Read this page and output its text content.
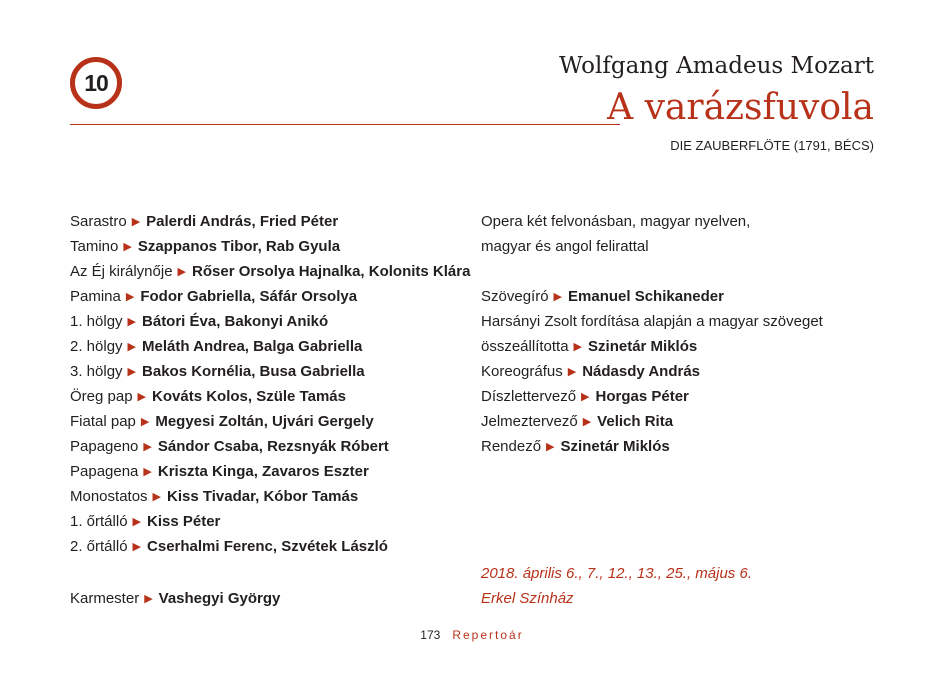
10
Wolfgang Amadeus Mozart
A varázsfuvola
DIE ZAUBERFLÖTE (1791, BÉCS)
Sarastro ▶ Palerdi András, Fried Péter
Tamino ▶ Szappanos Tibor, Rab Gyula
Az Éj királynője ▶ Rőser Orsolya Hajnalka, Kolonits Klára
Pamina ▶ Fodor Gabriella, Sáfár Orsolya
1. hölgy ▶ Bátori Éva, Bakonyi Anikó
2. hölgy ▶ Meláth Andrea, Balga Gabriella
3. hölgy ▶ Bakos Kornélia, Busa Gabriella
Öreg pap ▶ Kováts Kolos, Szüle Tamás
Fiatal pap ▶ Megyesi Zoltán, Ujvári Gergely
Papageno ▶ Sándor Csaba, Rezsnyák Róbert
Papagena ▶ Kriszta Kinga, Zavaros Eszter
Monostatos ▶ Kiss Tivadar, Kóbor Tamás
1. őrtálló ▶ Kiss Péter
2. őrtálló ▶ Cserhalmi Ferenc, Szvétek László
Karmester ▶ Vashegyi György
Opera két felvonásban, magyar nyelven,
magyar és angol felirattal
Szövegíró ▶ Emanuel Schikaneder
Harsányi Zsolt fordítása alapján a magyar szöveget
összeállította ▶ Szinetár Miklós
Koreográfus ▶ Nádasdy András
Díszlettervező ▶ Horgas Péter
Jelmeztervező ▶ Velich Rita
Rendező ▶ Szinetár Miklós
2018. április 6., 7., 12., 13., 25., május 6.
Erkel Színház
173 Repertoár
